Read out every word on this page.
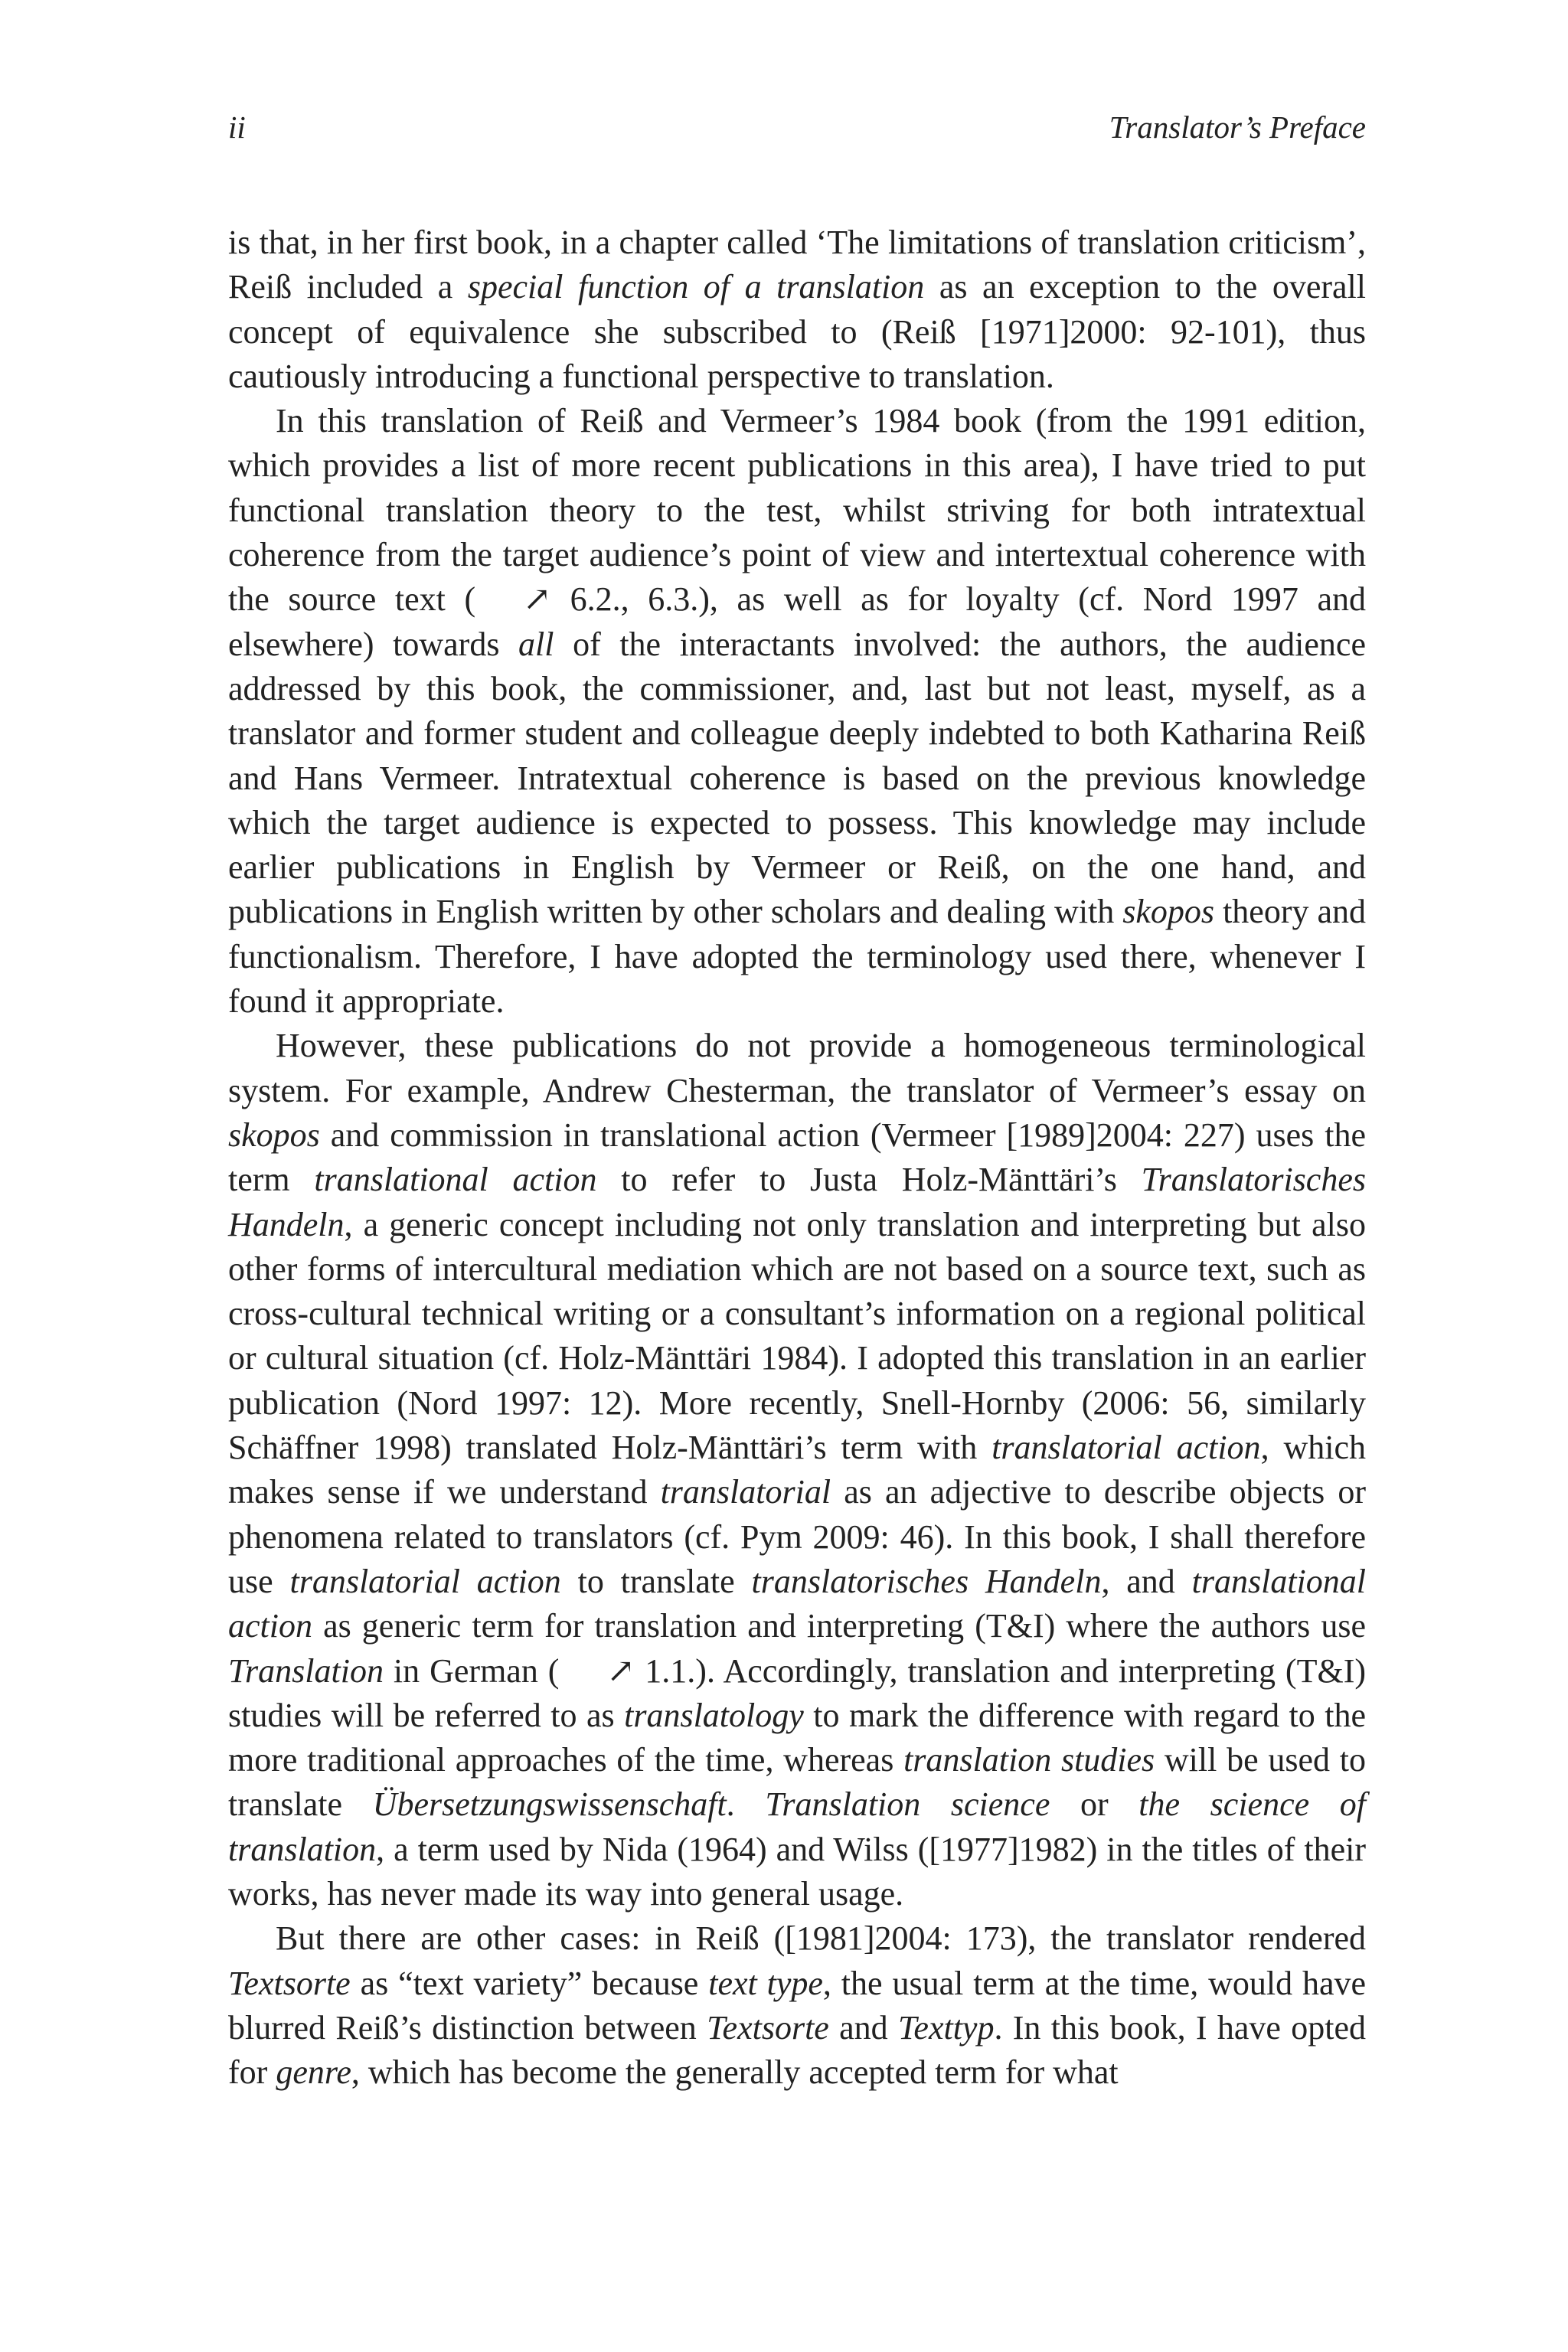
ii	Translator’s Preface

is that, in her first book, in a chapter called ‘The limitations of translation criticism’, Reiß included a special function of a translation as an exception to the overall concept of equivalence she subscribed to (Reiß [1971]2000: 92-101), thus cautiously introducing a functional perspective to translation.

In this translation of Reiß and Vermeer’s 1984 book (from the 1991 edition, which provides a list of more recent publications in this area), I have tried to put functional translation theory to the test, whilst striving for both intratextual coherence from the target audience’s point of view and intertextual coherence with the source text ( ↗ 6.2., 6.3.), as well as for loyalty (cf. Nord 1997 and elsewhere) towards all of the interactants involved: the authors, the audience addressed by this book, the commissioner, and, last but not least, myself, as a translator and former student and colleague deeply indebted to both Katharina Reiß and Hans Vermeer. Intratextual coherence is based on the previous knowledge which the target audience is expected to possess. This knowledge may include earlier publications in English by Vermeer or Reiß, on the one hand, and publications in English written by other scholars and dealing with skopos theory and functionalism. Therefore, I have adopted the terminology used there, whenever I found it appropriate.

However, these publications do not provide a homogeneous terminological system. For example, Andrew Chesterman, the translator of Vermeer’s essay on skopos and commission in translational action (Vermeer [1989]2004: 227) uses the term translational action to refer to Justa Holz-Mänttäri’s Translatorisches Handeln, a generic concept including not only translation and interpreting but also other forms of intercultural mediation which are not based on a source text, such as cross-cultural technical writing or a consultant’s information on a regional political or cultural situation (cf. Holz-Mänttäri 1984). I adopted this translation in an earlier publication (Nord 1997: 12). More recently, Snell-Hornby (2006: 56, similarly Schäffner 1998) translated Holz-Mänttäri’s term with translatorial action, which makes sense if we understand translatorial as an adjective to describe objects or phenomena related to translators (cf. Pym 2009: 46). In this book, I shall therefore use translatorial action to translate translatorisches Handeln, and translational action as generic term for translation and interpreting (T&I) where the authors use Translation in German ( ↗ 1.1.). Accordingly, translation and interpreting (T&I) studies will be referred to as translatology to mark the difference with regard to the more traditional approaches of the time, whereas translation studies will be used to translate Übersetzungswissenschaft. Translation science or the science of translation, a term used by Nida (1964) and Wilss ([1977]1982) in the titles of their works, has never made its way into general usage.

But there are other cases: in Reiß ([1981]2004: 173), the translator rendered Textsorte as “text variety” because text type, the usual term at the time, would have blurred Reiß’s distinction between Textsorte and Texttyp. In this book, I have opted for genre, which has become the generally accepted term for what
